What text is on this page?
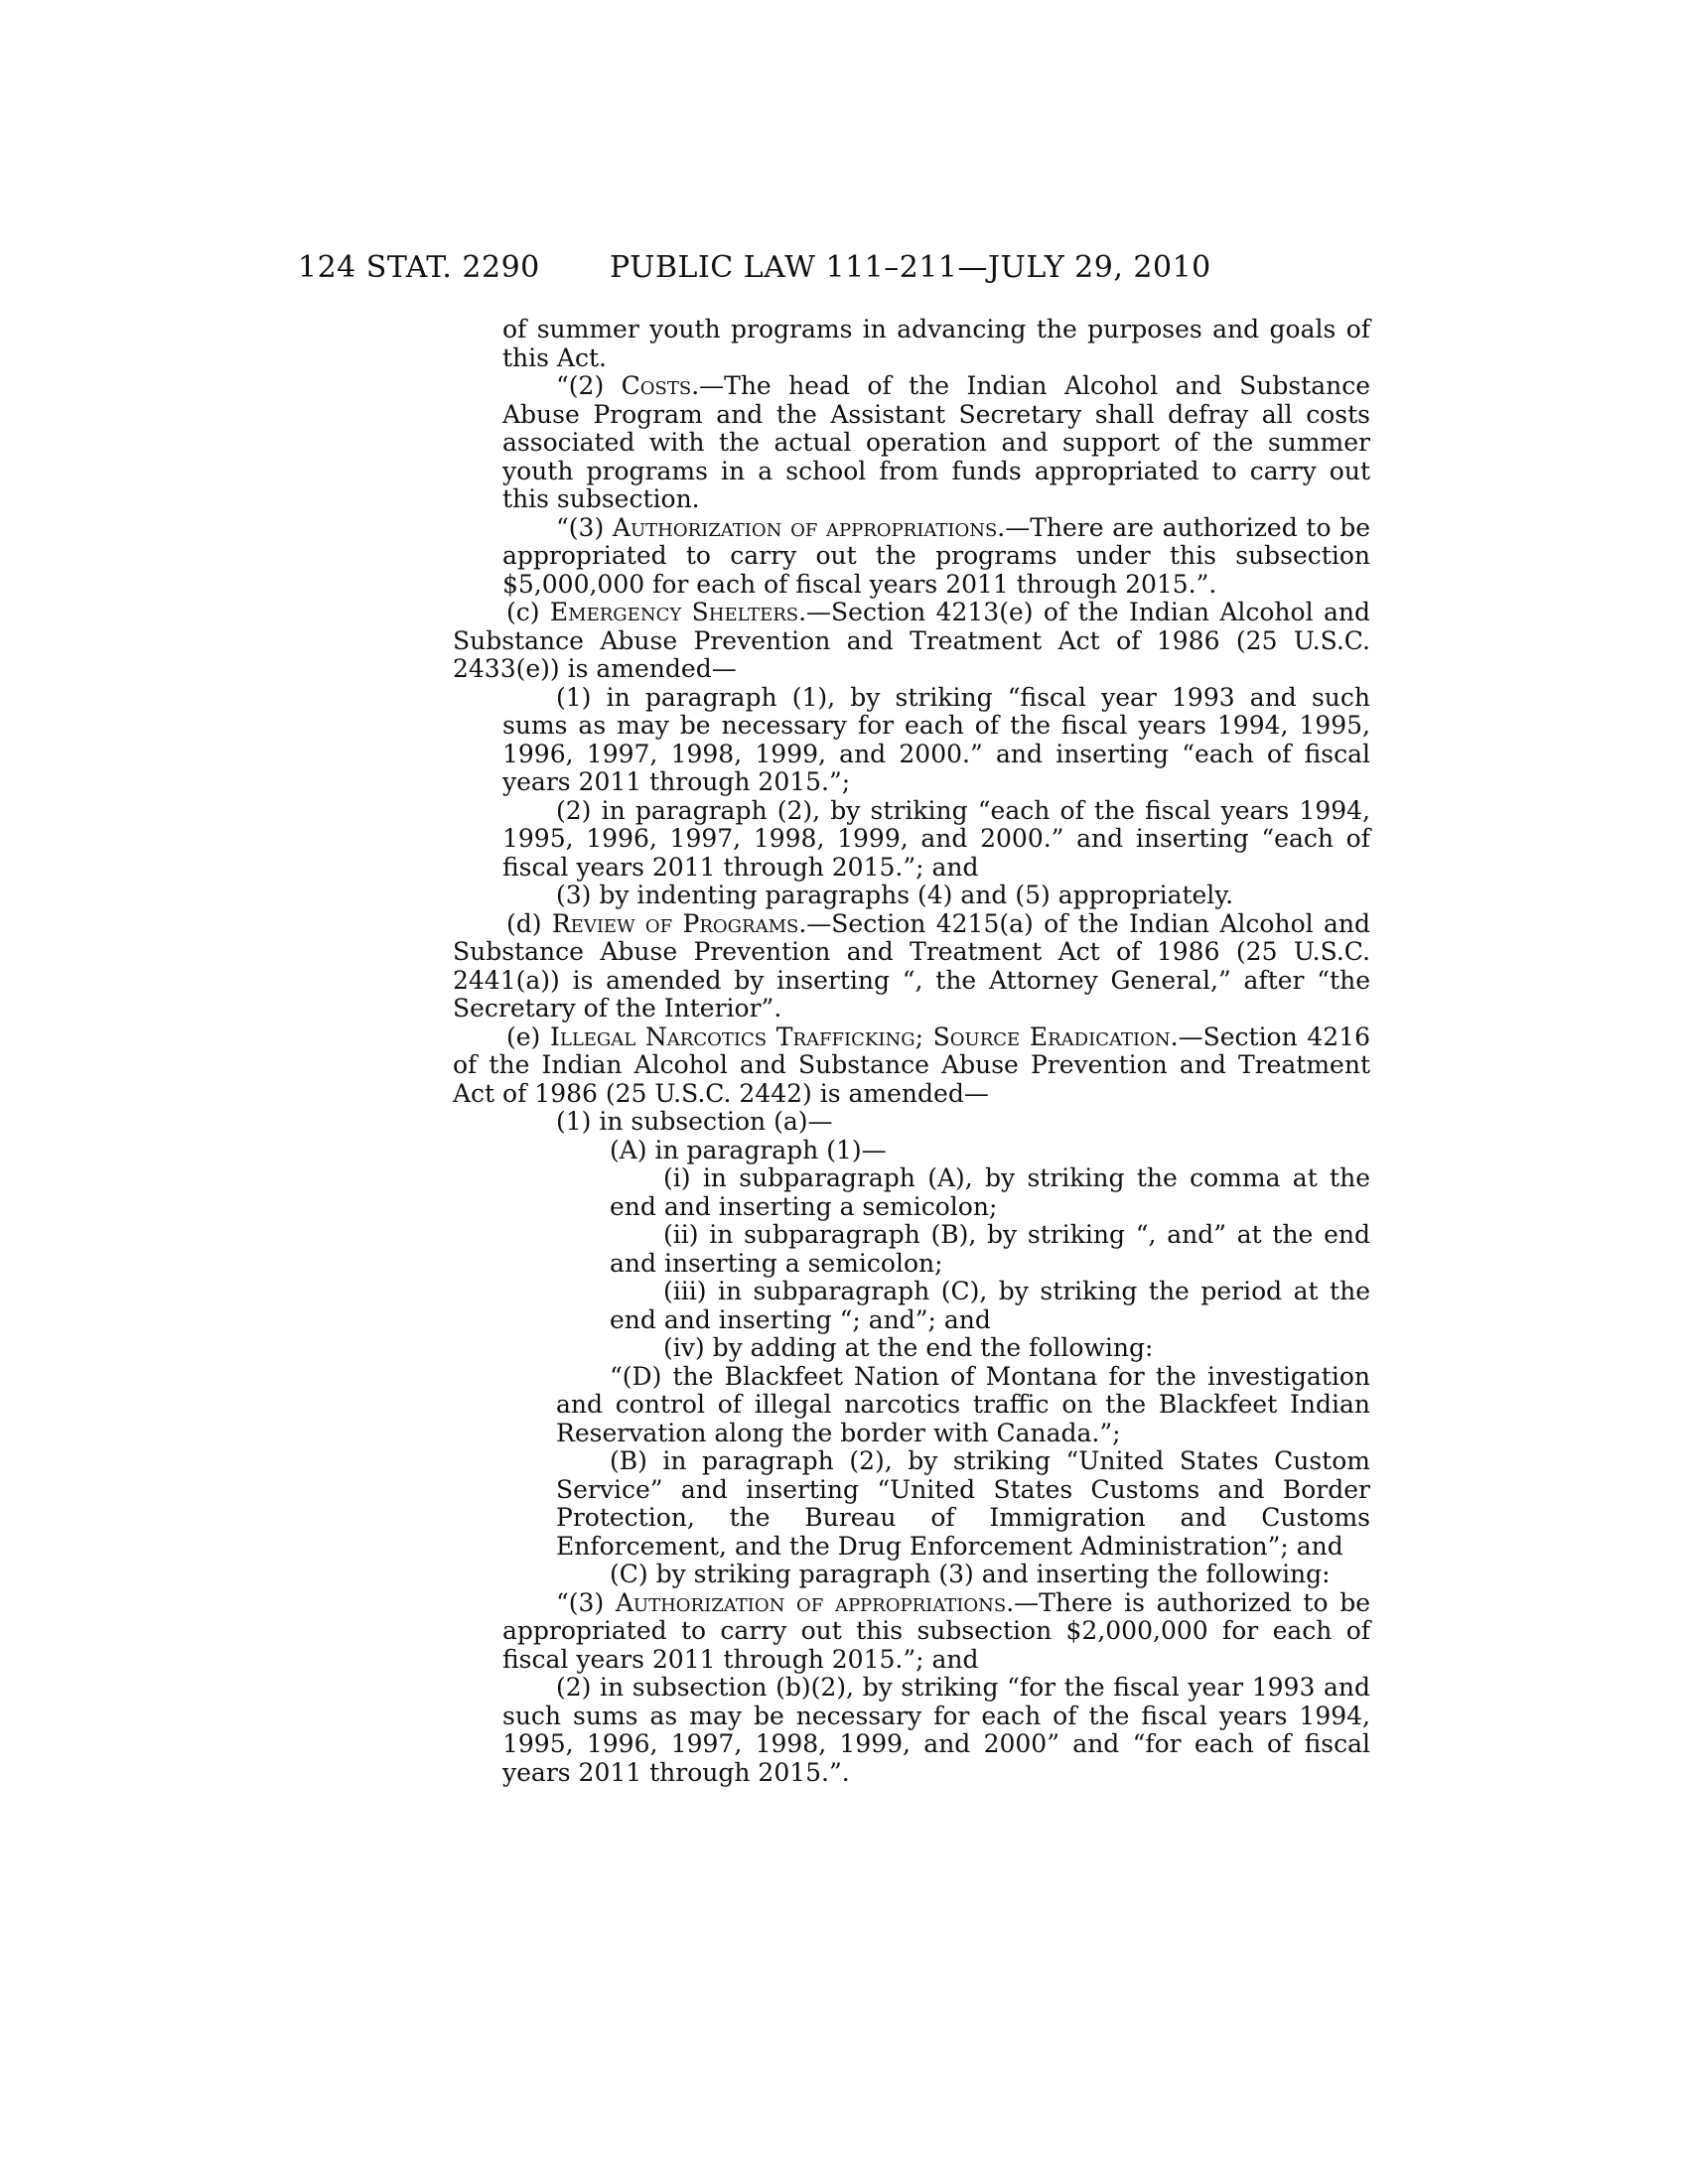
124 STAT. 2290 PUBLIC LAW 111–211—JULY 29, 2010

of summer youth programs in advancing the purposes and goals of this Act.

“(2) Costs.—The head of the Indian Alcohol and Substance Abuse Program and the Assistant Secretary shall defray all costs associated with the actual operation and support of the summer youth programs in a school from funds appropriated to carry out this subsection.

“(3) Authorization of appropriations.—There are authorized to be appropriated to carry out the programs under this subsection $5,000,000 for each of fiscal years 2011 through 2015.”.

(c) Emergency Shelters.—Section 4213(e) of the Indian Alcohol and Substance Abuse Prevention and Treatment Act of 1986 (25 U.S.C. 2433(e)) is amended—

(1) in paragraph (1), by striking “fiscal year 1993 and such sums as may be necessary for each of the fiscal years 1994, 1995, 1996, 1997, 1998, 1999, and 2000.” and inserting “each of fiscal years 2011 through 2015.”;

(2) in paragraph (2), by striking “each of the fiscal years 1994, 1995, 1996, 1997, 1998, 1999, and 2000.” and inserting “each of fiscal years 2011 through 2015.”; and

(3) by indenting paragraphs (4) and (5) appropriately.

(d) Review of Programs.—Section 4215(a) of the Indian Alcohol and Substance Abuse Prevention and Treatment Act of 1986 (25 U.S.C. 2441(a)) is amended by inserting “, the Attorney General,” after “the Secretary of the Interior”.

(e) Illegal Narcotics Trafficking; Source Eradication.—Section 4216 of the Indian Alcohol and Substance Abuse Prevention and Treatment Act of 1986 (25 U.S.C. 2442) is amended—

(1) in subsection (a)—

(A) in paragraph (1)—

(i) in subparagraph (A), by striking the comma at the end and inserting a semicolon;

(ii) in subparagraph (B), by striking “, and” at the end and inserting a semicolon;

(iii) in subparagraph (C), by striking the period at the end and inserting “; and”; and

(iv) by adding at the end the following:

“(D) the Blackfeet Nation of Montana for the investigation and control of illegal narcotics traffic on the Blackfeet Indian Reservation along the border with Canada.”;

(B) in paragraph (2), by striking “United States Custom Service” and inserting “United States Customs and Border Protection, the Bureau of Immigration and Customs Enforcement, and the Drug Enforcement Administration”; and

(C) by striking paragraph (3) and inserting the following:

“(3) Authorization of appropriations.—There is authorized to be appropriated to carry out this subsection $2,000,000 for each of fiscal years 2011 through 2015.”; and

(2) in subsection (b)(2), by striking “for the fiscal year 1993 and such sums as may be necessary for each of the fiscal years 1994, 1995, 1996, 1997, 1998, 1999, and 2000” and “for each of fiscal years 2011 through 2015.”.
